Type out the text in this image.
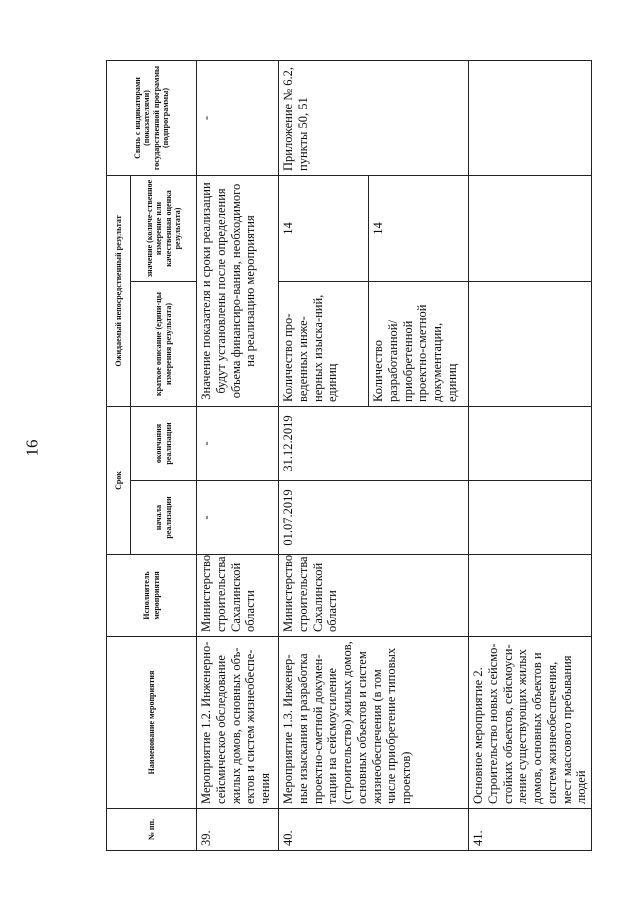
16
№ пп.	Наименование мероприятия	Исполнитель мероприятия	Срок		Ожидаемый непосредственный результат		Связь с индикаторами (показателями) государственной программы (подпрограммы)
			начала реализации	окончания реализации	краткое описание (едини-цы измерения результата)	значение (количе-ственное измерение или качественная оценка результата)	
39.	Мероприятие 1.2. Инженерно-сейсмическое обследование жилых домов, основных объ-ектов и систем жизнеобеспе-чения	Министерство строительства Сахалинской области	-	-	Значение показателя и сроки реализации будут установлены после определения объема финансиро-вания, необходимого на реализацию мероприятия		-
40.	Мероприятие 1.3. Инженер-ные изыскания и разработка проектно-сметной докумен-тации на сейсмоусиление (строительство) жилых домов, основных объектов и систем жизнеобеспечения (в том числе приобретение типовых проектов)	Министерство строительства Сахалинской области	01.07.2019	31.12.2019	Количество про-веденных инже-нерных изыска-ний, единиц	14	Приложение № 6.2, пункты 50, 51
					Количество разработанной/ приобретенной проектно-сметной документации, единиц	14	
41.	Основное мероприятие 2. Строительство новых сейсмо-стойких объектов, сейсмоуси-ление существующих жилых домов, основных объектов и систем жизнеобеспечения, мест массового пребывания людей						
